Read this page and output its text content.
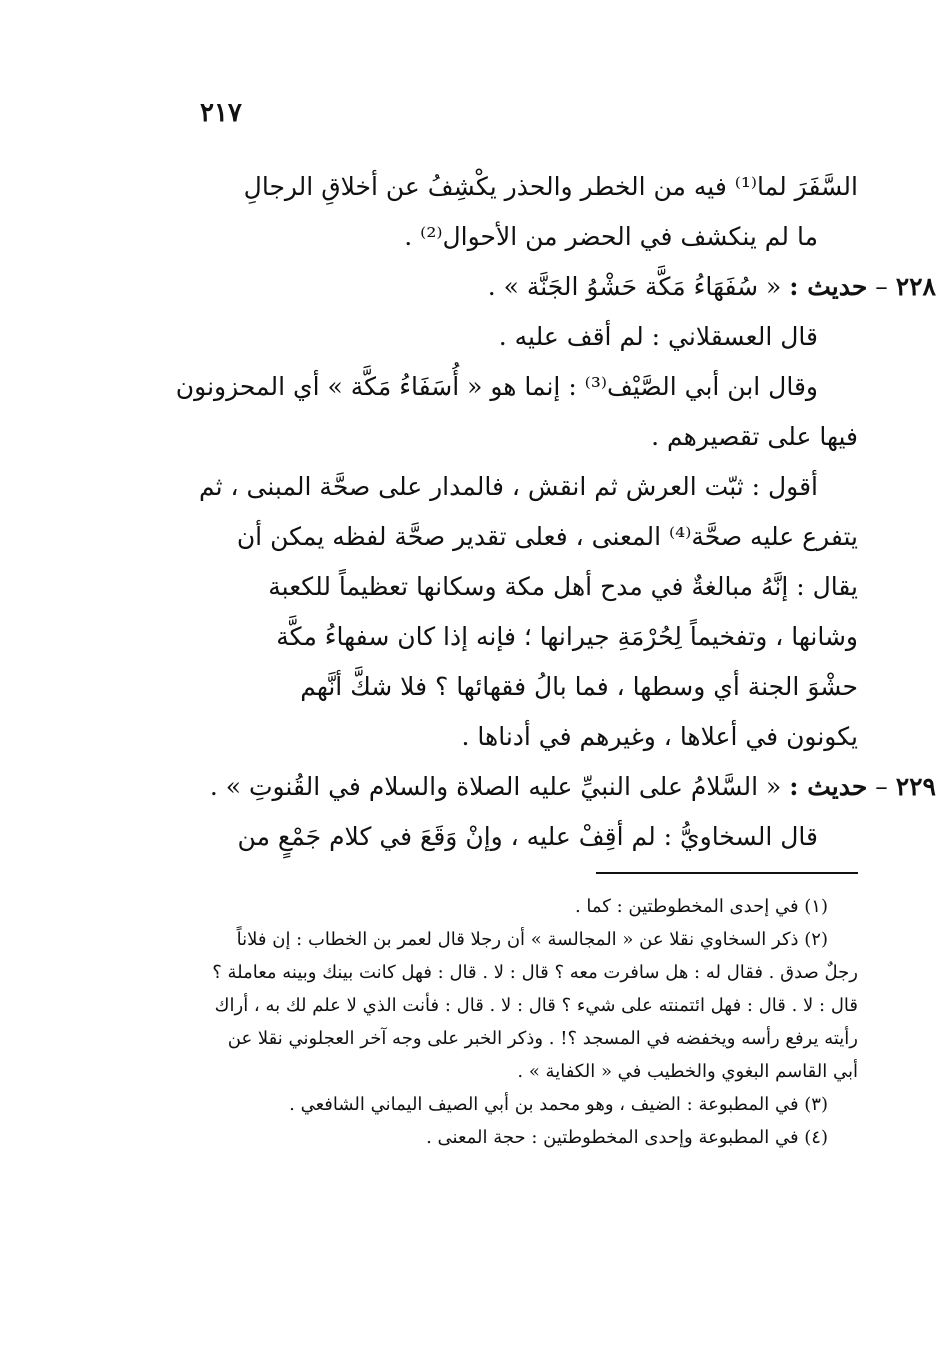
٢١٧
السَّفَرَ لما⁽¹⁾ فيه من الخطر والحذر يكْشِفُ عن أخلاقِ الرجالِ
ما لم ينكشف في الحضر من الأحوال⁽²⁾ .
٢٢٨ – حديث : « سُفَهَاءُ مَكَّة حَشْوُ الجَنَّة » .
قال العسقلاني : لم أقف عليه .
وقال ابن أبي الصَّيْف⁽³⁾ : إنما هو « أُسَفَاءُ مَكَّة » أي المحزونون
فيها على تقصيرهم .
أقول : ثبّت العرش ثم انقش ، فالمدار على صحَّة المبنى ، ثم
يتفرع عليه صحَّة⁽⁴⁾ المعنى ، فعلى تقدير صحَّة لفظه يمكن أن
يقال : إنَّهُ مبالغةٌ في مدح أهل مكة وسكانها تعظيماً للكعبة
وشانها ، وتفخيماً لِحُرْمَةِ جيرانها ؛ فإنه إذا كان سفهاءُ مكَّة
حشْوَ الجنة أي وسطها ، فما بالُ فقهائها ؟ فلا شكَّ أنَّهم
يكونون في أعلاها ، وغيرهم في أدناها .
٢٢٩ – حديث : « السَّلامُ على النبيِّ عليه الصلاة والسلام في القُنوتِ » .
قال السخاويُّ : لم أقِفْ عليه ، وإنْ وَقَعَ في كلام جَمْعٍ من
(١) في إحدى المخطوطتين : كما .
(٢) ذكر السخاوي نقلا عن « المجالسة » أن رجلا قال لعمر بن الخطاب : إن فلاناً
رجلٌ صدق . فقال له : هل سافرت معه ؟ قال : لا . قال : فهل كانت بينك وبينه معاملة ؟
قال : لا . قال : فهل ائتمنته على شيء ؟ قال : لا . قال : فأنت الذي لا علم لك به ، أراك
رأيته يرفع رأسه ويخفضه في المسجد ؟! . وذكر الخبر على وجه آخر العجلوني نقلا عن
أبي القاسم البغوي والخطيب في « الكفاية » .
(٣) في المطبوعة : الضيف ، وهو محمد بن أبي الصيف اليماني الشافعي .
(٤) في المطبوعة وإحدى المخطوطتين : حجة المعنى .
